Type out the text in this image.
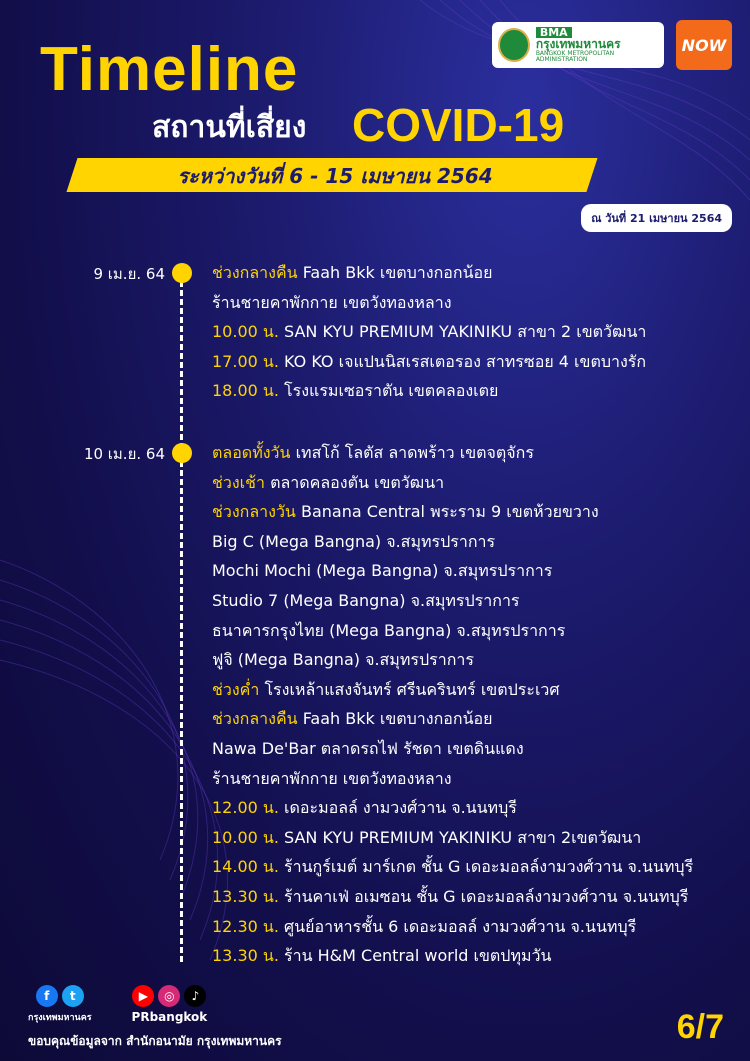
BMA
กรุงเทพมหานคร
BANGKOK METROPOLITAN ADMINISTRATION
NOW
Timeline
สถานที่เสี่ยง COVID-19
ระหว่างวันที่ 6 - 15 เมษายน 2564
ณ วันที่ 21 เมษายน 2564
9 เม.ย. 64	ช่วงกลางคืน Faah Bkk เขตบางกอกน้อย
ร้านชายคาพักกาย เขตวังทองหลาง
10.00 น. SAN KYU PREMIUM YAKINIKU สาขา 2 เขตวัฒนา
17.00 น. KO KO เจแปนนิสเรสเตอรอง สาทรซอย 4 เขตบางรัก
18.00 น. โรงแรมเซอราตัน เขตคลองเตย
10 เม.ย. 64	ตลอดทั้งวัน เทสโก้ โลตัส ลาดพร้าว เขตจตุจักร
ช่วงเช้า ตลาดคลองตัน เขตวัฒนา
ช่วงกลางวัน Banana Central พระราม 9 เขตห้วยขวาง
Big C (Mega Bangna) จ.สมุทรปราการ
Mochi Mochi (Mega Bangna) จ.สมุทรปราการ
Studio 7 (Mega Bangna) จ.สมุทรปราการ
ธนาคารกรุงไทย (Mega Bangna) จ.สมุทรปราการ
ฟูจิ (Mega Bangna) จ.สมุทรปราการ
ช่วงค่ำ โรงเหล้าแสงจันทร์ ศรีนครินทร์ เขตประเวศ
ช่วงกลางคืน Faah Bkk เขตบางกอกน้อย
Nawa De'Bar ตลาดรถไฟ รัชดา เขตดินแดง
ร้านชายคาพักกาย เขตวังทองหลาง
12.00 น. เดอะมอลล์ งามวงศ์วาน จ.นนทบุรี
10.00 น. SAN KYU PREMIUM YAKINIKU สาขา 2เขตวัฒนา
14.00 น. ร้านกูร์เมต์ มาร์เกต ชั้น G เดอะมอลล์งามวงศ์วาน จ.นนทบุรี
13.30 น. ร้านคาเฟ่ อเมซอน ชั้น G เดอะมอลล์งามวงศ์วาน จ.นนทบุรี
12.30 น. ศูนย์อาหารชั้น 6 เดอะมอลล์ งามวงศ์วาน จ.นนทบุรี
13.30 น. ร้าน H&M Central world เขตปทุมวัน
f	t
กรุงเทพมหานคร
▶	◎	♪
PRbangkok
ขอบคุณข้อมูลจาก สำนักอนามัย กรุงเทพมหานคร	6/7
